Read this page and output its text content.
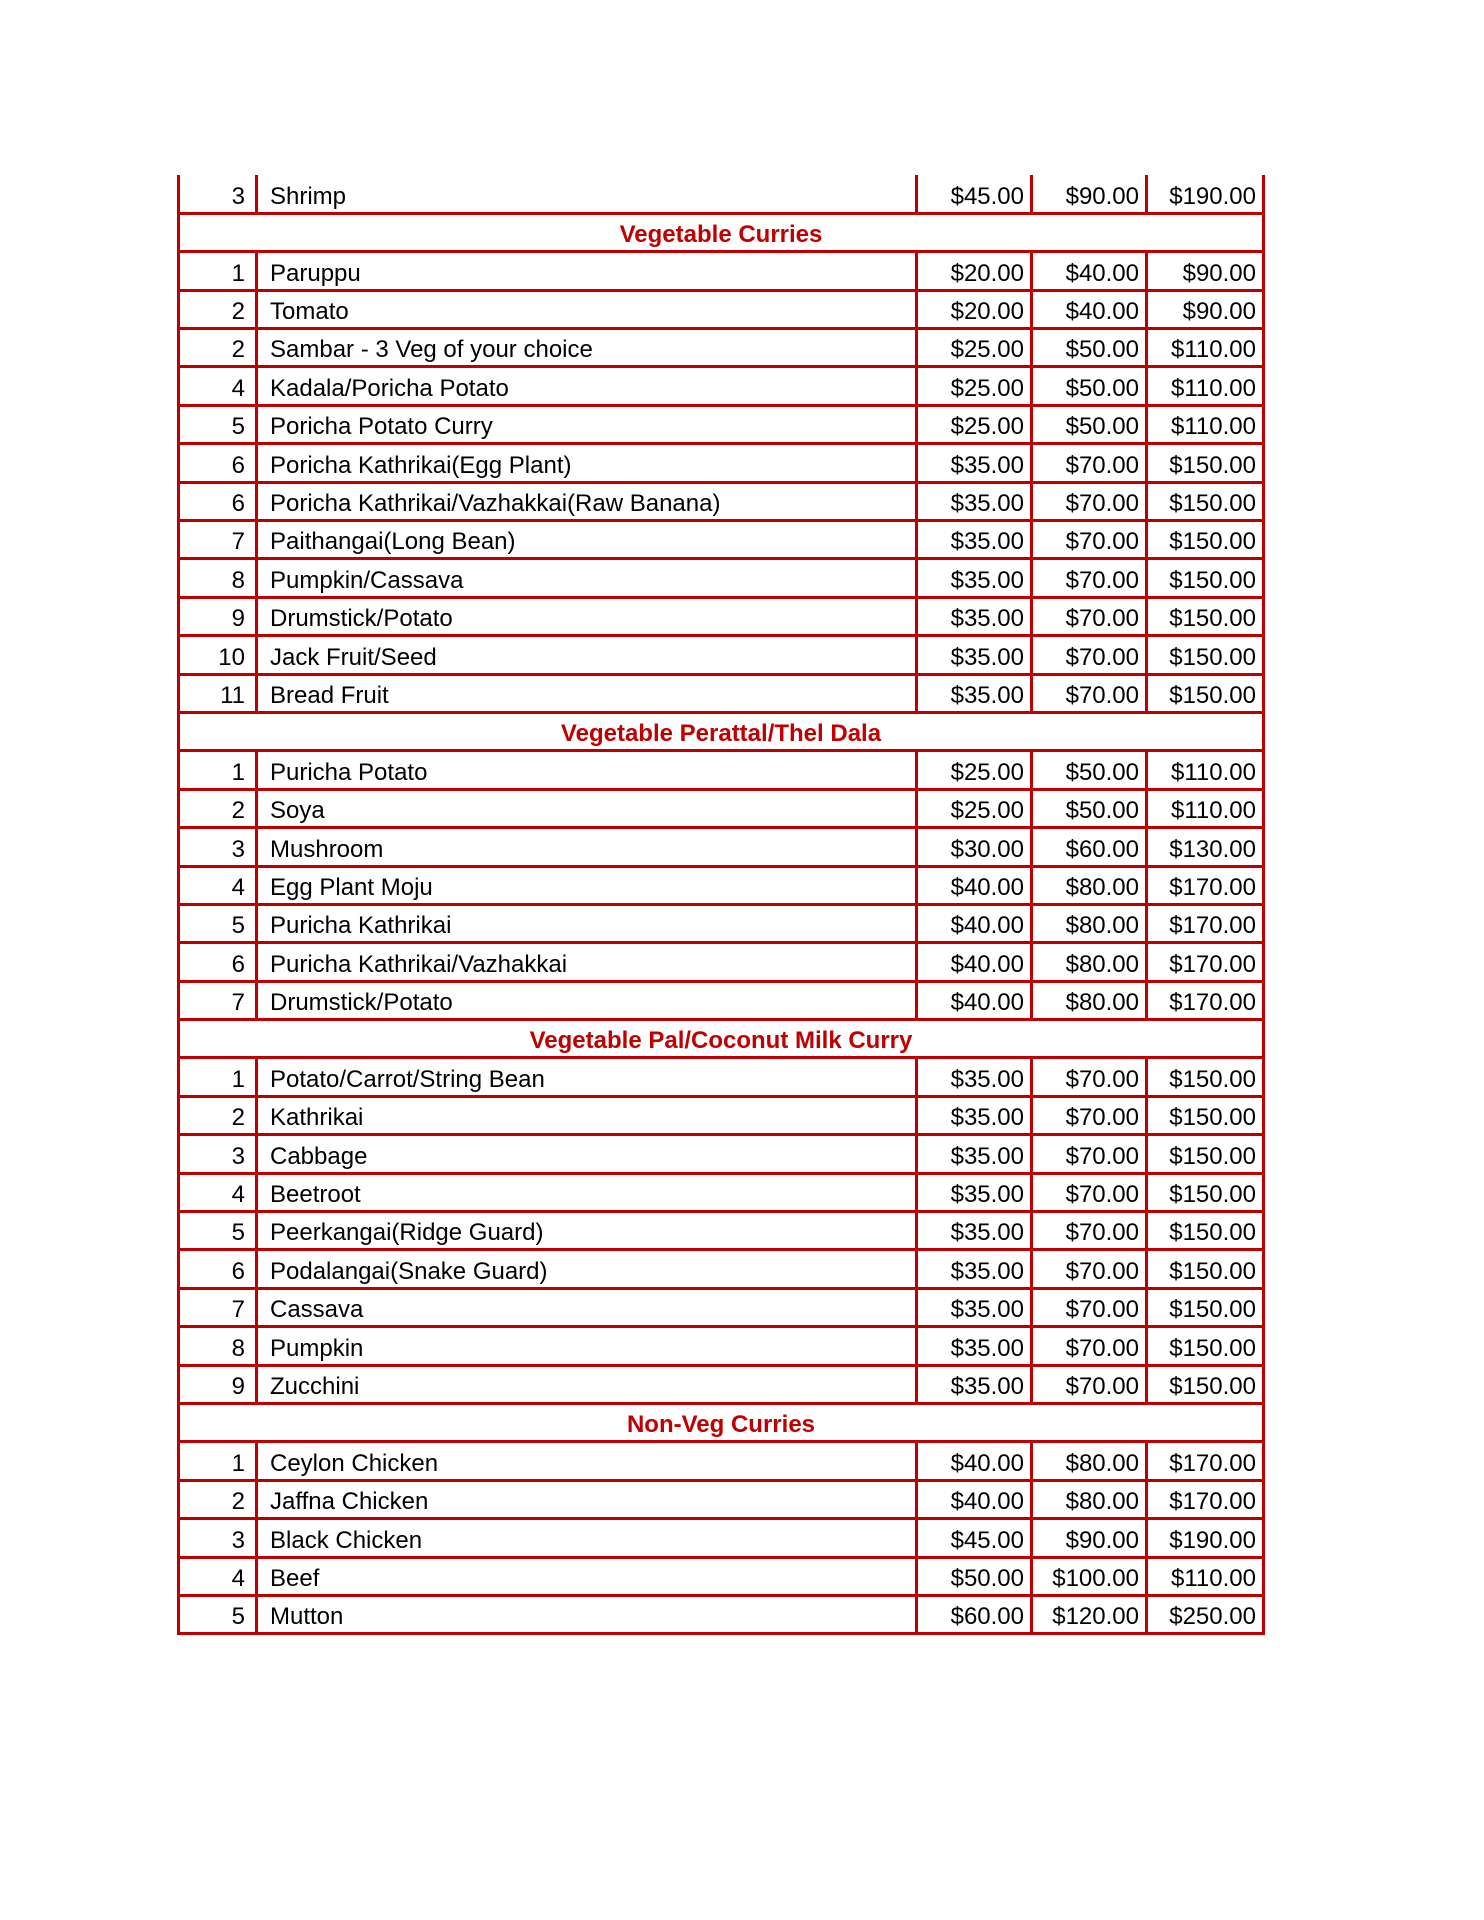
3	Shrimp	$45.00	$90.00	$190.00
Vegetable Curries				
1	Paruppu	$20.00	$40.00	$90.00
2	Tomato	$20.00	$40.00	$90.00
2	Sambar - 3 Veg of your choice	$25.00	$50.00	$110.00
4	Kadala/Poricha Potato	$25.00	$50.00	$110.00
5	Poricha Potato Curry	$25.00	$50.00	$110.00
6	Poricha Kathrikai(Egg Plant)	$35.00	$70.00	$150.00
6	Poricha Kathrikai/Vazhakkai(Raw Banana)	$35.00	$70.00	$150.00
7	Paithangai(Long Bean)	$35.00	$70.00	$150.00
8	Pumpkin/Cassava	$35.00	$70.00	$150.00
9	Drumstick/Potato	$35.00	$70.00	$150.00
10	Jack Fruit/Seed	$35.00	$70.00	$150.00
11	Bread Fruit	$35.00	$70.00	$150.00
Vegetable Perattal/Thel Dala				
1	Puricha Potato	$25.00	$50.00	$110.00
2	Soya	$25.00	$50.00	$110.00
3	Mushroom	$30.00	$60.00	$130.00
4	Egg Plant Moju	$40.00	$80.00	$170.00
5	Puricha Kathrikai	$40.00	$80.00	$170.00
6	Puricha Kathrikai/Vazhakkai	$40.00	$80.00	$170.00
7	Drumstick/Potato	$40.00	$80.00	$170.00
Vegetable Pal/Coconut Milk Curry				
1	Potato/Carrot/String Bean	$35.00	$70.00	$150.00
2	Kathrikai	$35.00	$70.00	$150.00
3	Cabbage	$35.00	$70.00	$150.00
4	Beetroot	$35.00	$70.00	$150.00
5	Peerkangai(Ridge Guard)	$35.00	$70.00	$150.00
6	Podalangai(Snake Guard)	$35.00	$70.00	$150.00
7	Cassava	$35.00	$70.00	$150.00
8	Pumpkin	$35.00	$70.00	$150.00
9	Zucchini	$35.00	$70.00	$150.00
Non-Veg Curries				
1	Ceylon Chicken	$40.00	$80.00	$170.00
2	Jaffna Chicken	$40.00	$80.00	$170.00
3	Black Chicken	$45.00	$90.00	$190.00
4	Beef	$50.00	$100.00	$110.00
5	Mutton	$60.00	$120.00	$250.00
